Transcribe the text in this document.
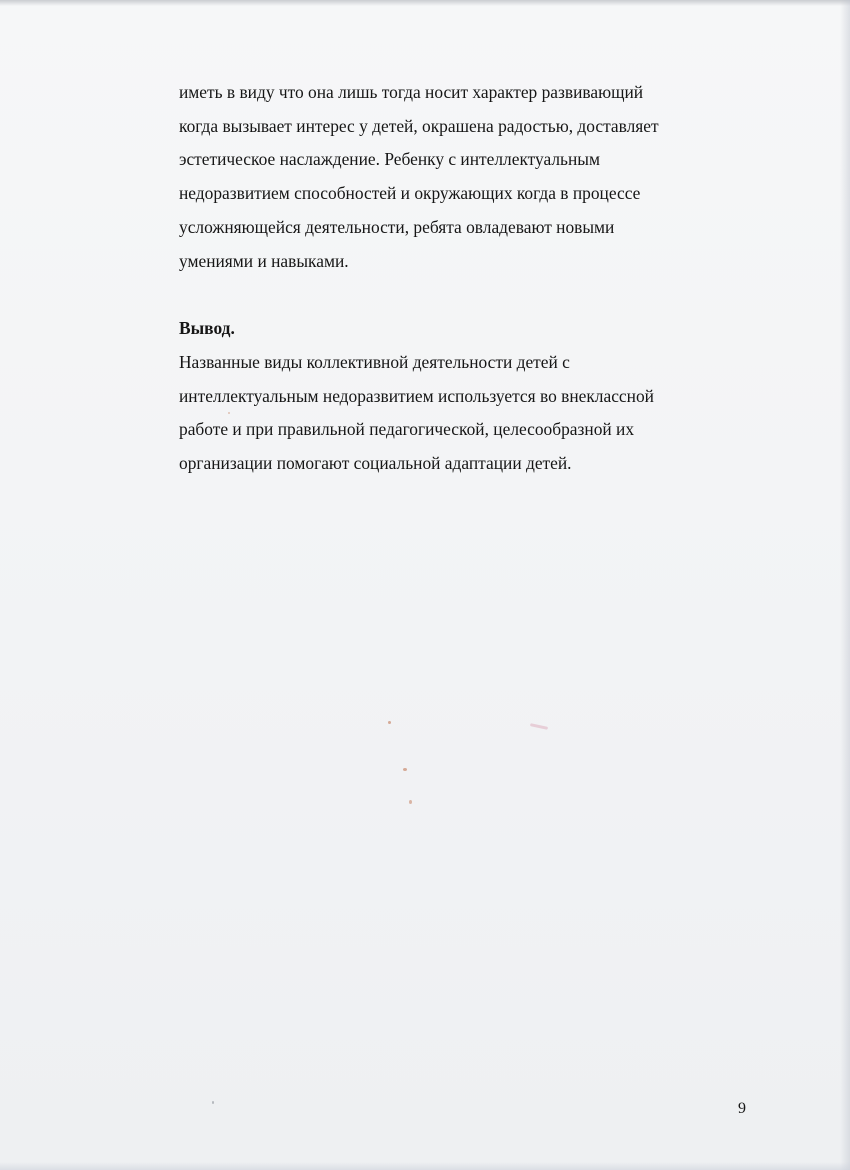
иметь в виду что она лишь тогда носит характер развивающий
когда вызывает интерес у детей, окрашена радостью, доставляет
эстетическое наслаждение. Ребенку с интеллектуальным
недоразвитием способностей и окружающих когда в процессе
усложняющейся деятельности, ребята овладевают новыми
умениями и навыками.
Вывод.
Названные виды коллективной деятельности детей с
интеллектуальным недоразвитием используется во внеклассной
работе и при правильной педагогической, целесообразной их
организации помогают социальной адаптации детей.
9
